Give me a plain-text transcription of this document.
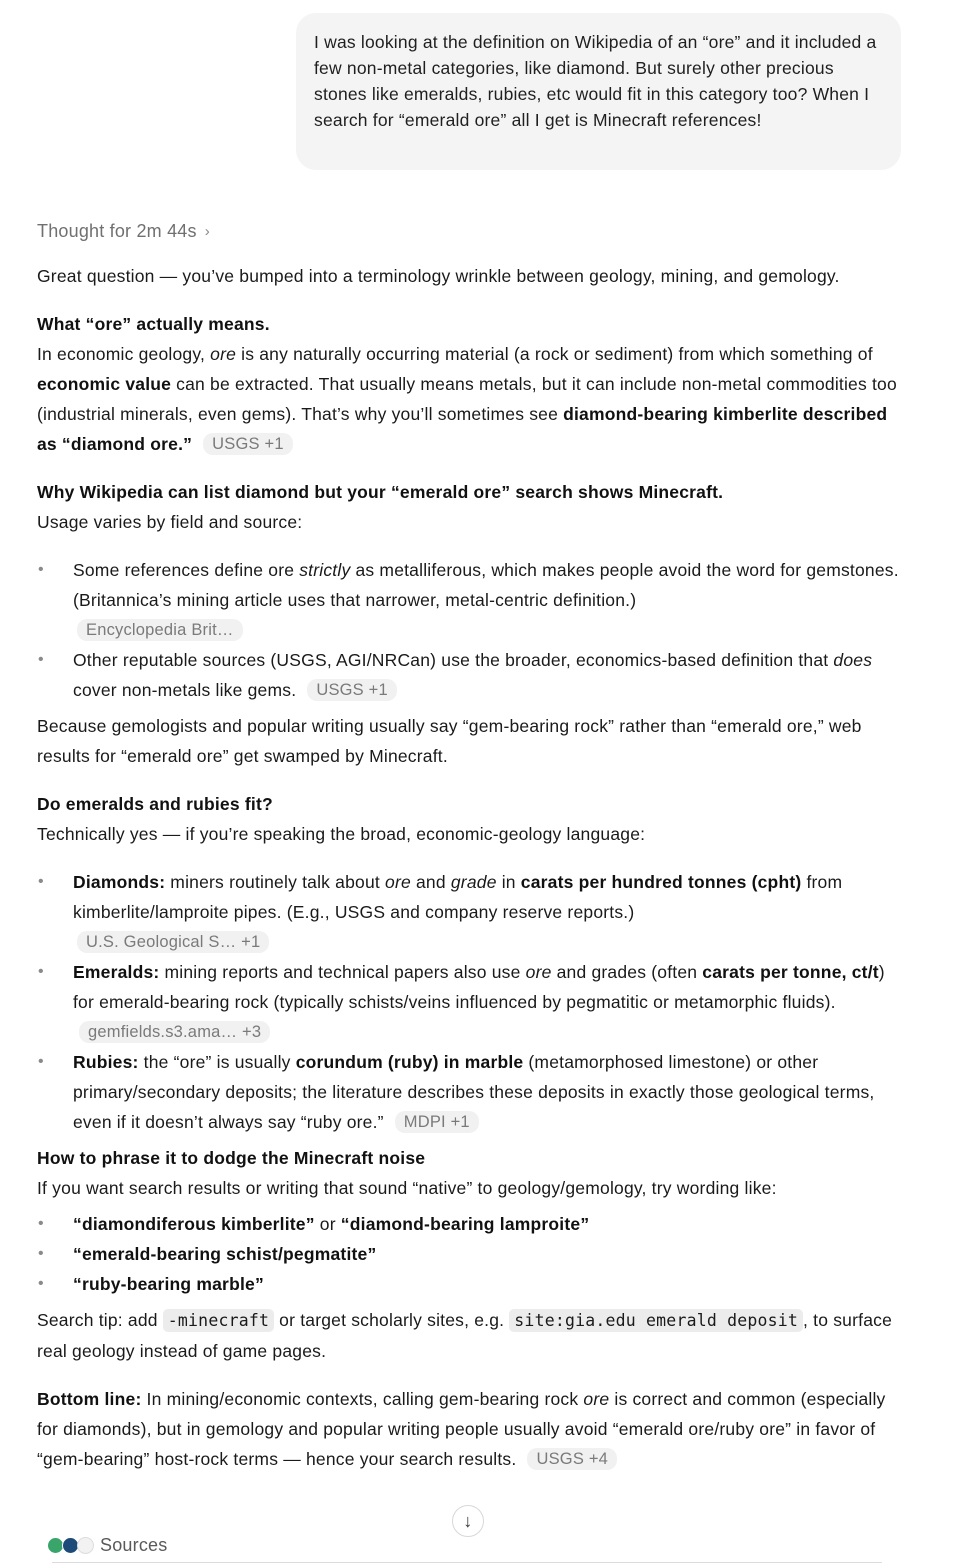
I was looking at the definition on Wikipedia of an “ore” and it included a few non-metal categories, like diamond. But surely other precious stones like emeralds, rubies, etc would fit in this category too? When I search for “emerald ore” all I get is Minecraft references!
Thought for 2m 44s ›

Great question — you’ve bumped into a terminology wrinkle between geology, mining, and gemology.

What “ore” actually means.

In economic geology, ore is any naturally occurring material (a rock or sediment) from which something of economic value can be extracted. That usually means metals, but it can include non-metal commodities too (industrial minerals, even gems). That’s why you’ll sometimes see diamond-bearing kimberlite described as “diamond ore.” USGS +1

Why Wikipedia can list diamond but your “emerald ore” search shows Minecraft.

Usage varies by field and source:

• Some references define ore strictly as metalliferous, which makes people avoid the word for gemstones. (Britannica’s mining article uses that narrower, metal-centric definition.)
Encyclopedia Brit…
• Other reputable sources (USGS, AGI/NRCan) use the broader, economics-based definition that does cover non-metals like gems. USGS +1

Because gemologists and popular writing usually say “gem-bearing rock” rather than “emerald ore,” web results for “emerald ore” get swamped by Minecraft.

Do emeralds and rubies fit?

Technically yes — if you’re speaking the broad, economic-geology language:

• Diamonds: miners routinely talk about ore and grade in carats per hundred tonnes (cpht) from kimberlite/lamproite pipes. (E.g., USGS and company reserve reports.)
U.S. Geological S… +1
• Emeralds: mining reports and technical papers also use ore and grades (often carats per tonne, ct/t) for emerald-bearing rock (typically schists/veins influenced by pegmatitic or metamorphic fluids). gemfields.s3.ama… +3
• Rubies: the “ore” is usually corundum (ruby) in marble (metamorphosed limestone) or other primary/secondary deposits; the literature describes these deposits in exactly those geological terms, even if it doesn’t always say “ruby ore.” MDPI +1

How to phrase it to dodge the Minecraft noise

If you want search results or writing that sound “native” to geology/gemology, try wording like:

• “diamondiferous kimberlite” or “diamond-bearing lamproite”
• “emerald-bearing schist/pegmatite”
• “ruby-bearing marble”

Search tip: add -minecraft or target scholarly sites, e.g. site:gia.edu emerald deposit , to surface real geology instead of game pages.

Bottom line: In mining/economic contexts, calling gem-bearing rock ore is correct and common (especially for diamonds), but in gemology and popular writing people usually avoid “emerald ore/ruby ore” in favor of “gem-bearing” host-rock terms — hence your search results. USGS +4

↓
Sources
